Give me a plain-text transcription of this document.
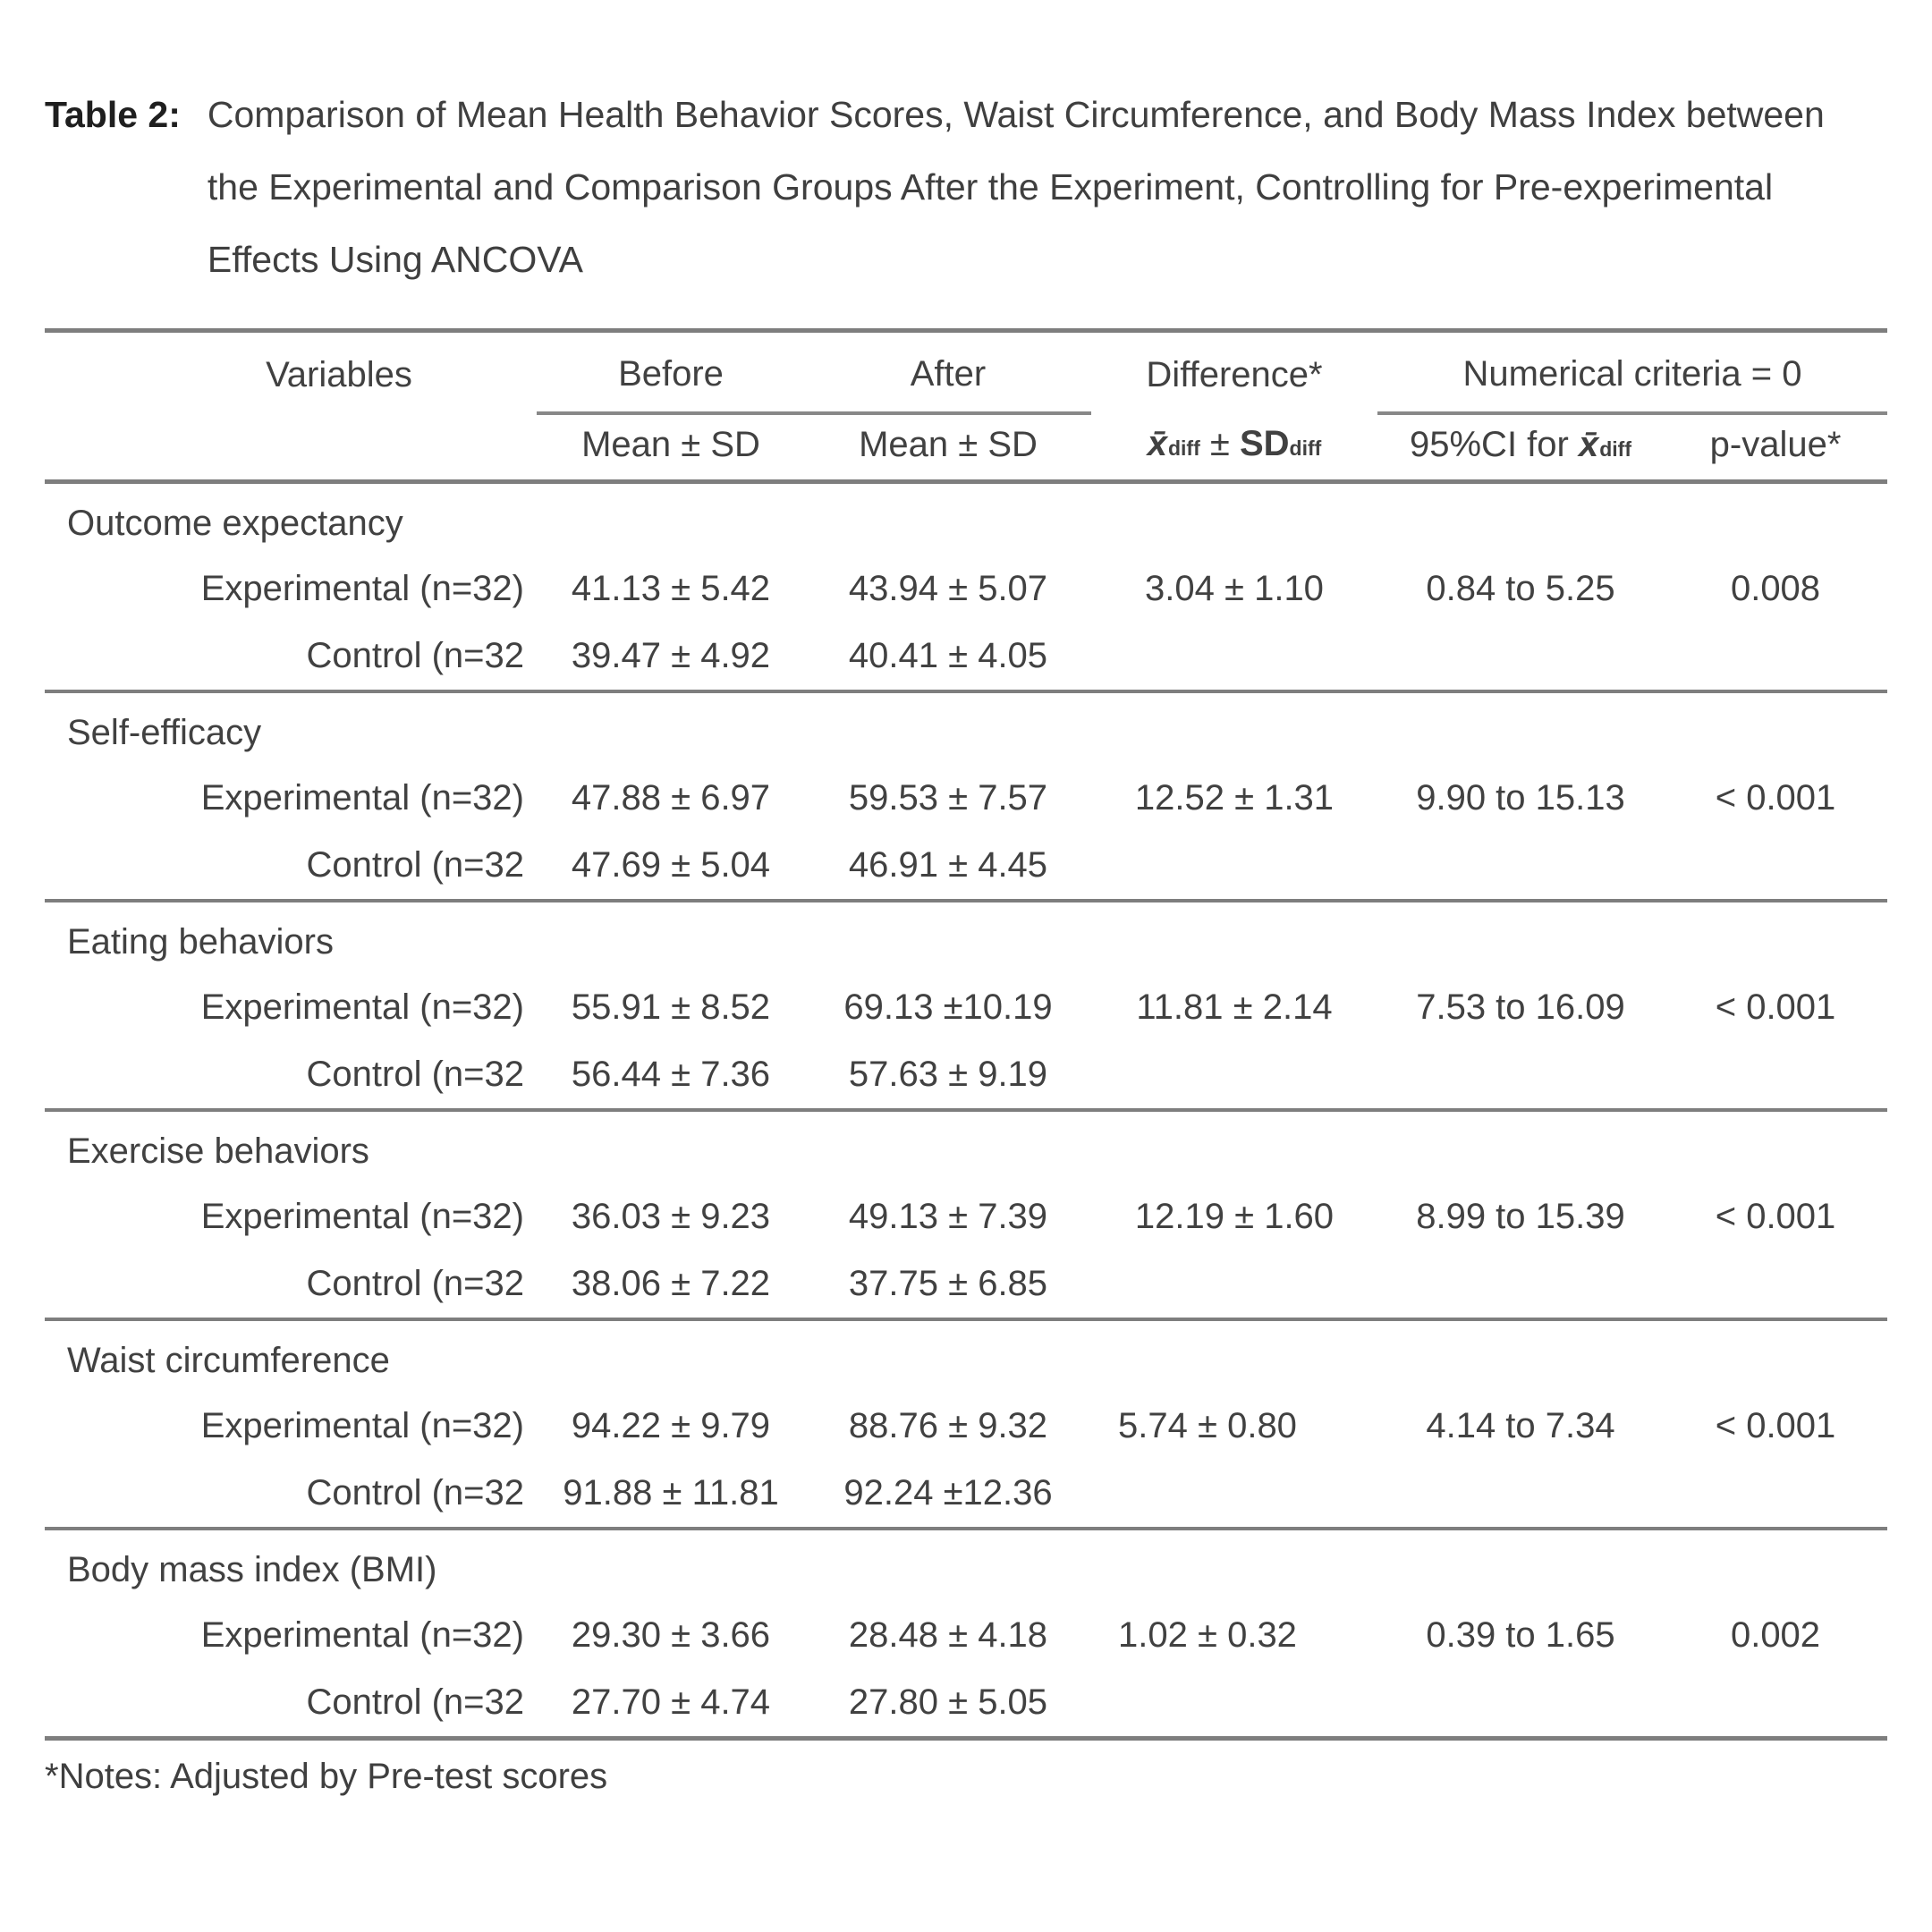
Table 2: Comparison of Mean Health Behavior Scores, Waist Circumference, and Body Mass Index between
the Experimental and Comparison Groups After the Experiment, Controlling for Pre-experimental
Effects Using ANCOVA
Variables	Before	After	Difference*	Numerical criteria = 0	
	Mean ± SD	Mean ± SD	x̄diff ± SDdiff	95%CI for x̄diff	p-value*
Outcome expectancy					
Experimental (n=32)	41.13 ± 5.42	43.94 ± 5.07	3.04 ± 1.10	0.84 to 5.25	0.008
Control (n=32	39.47 ± 4.92	40.41 ± 4.05			
Self-efficacy					
Experimental (n=32)	47.88 ± 6.97	59.53 ± 7.57	12.52 ± 1.31	9.90 to 15.13	< 0.001
Control (n=32	47.69 ± 5.04	46.91 ± 4.45			
Eating behaviors					
Experimental (n=32)	55.91 ± 8.52	69.13 ±10.19	11.81 ± 2.14	7.53 to 16.09	< 0.001
Control (n=32	56.44 ± 7.36	57.63 ± 9.19			
Exercise behaviors					
Experimental (n=32)	36.03 ± 9.23	49.13 ± 7.39	12.19 ± 1.60	8.99 to 15.39	< 0.001
Control (n=32	38.06 ± 7.22	37.75 ± 6.85			
Waist circumference					
Experimental (n=32)	94.22 ± 9.79	88.76 ± 9.32	5.74 ± 0.80	4.14 to 7.34	< 0.001
Control (n=32	91.88 ± 11.81	92.24 ±12.36			
Body mass index (BMI)					
Experimental (n=32)	29.30 ± 3.66	28.48 ± 4.18	1.02 ± 0.32	0.39 to 1.65	0.002
Control (n=32	27.70 ± 4.74	27.80 ± 5.05			
*Notes: Adjusted by Pre-test scores
